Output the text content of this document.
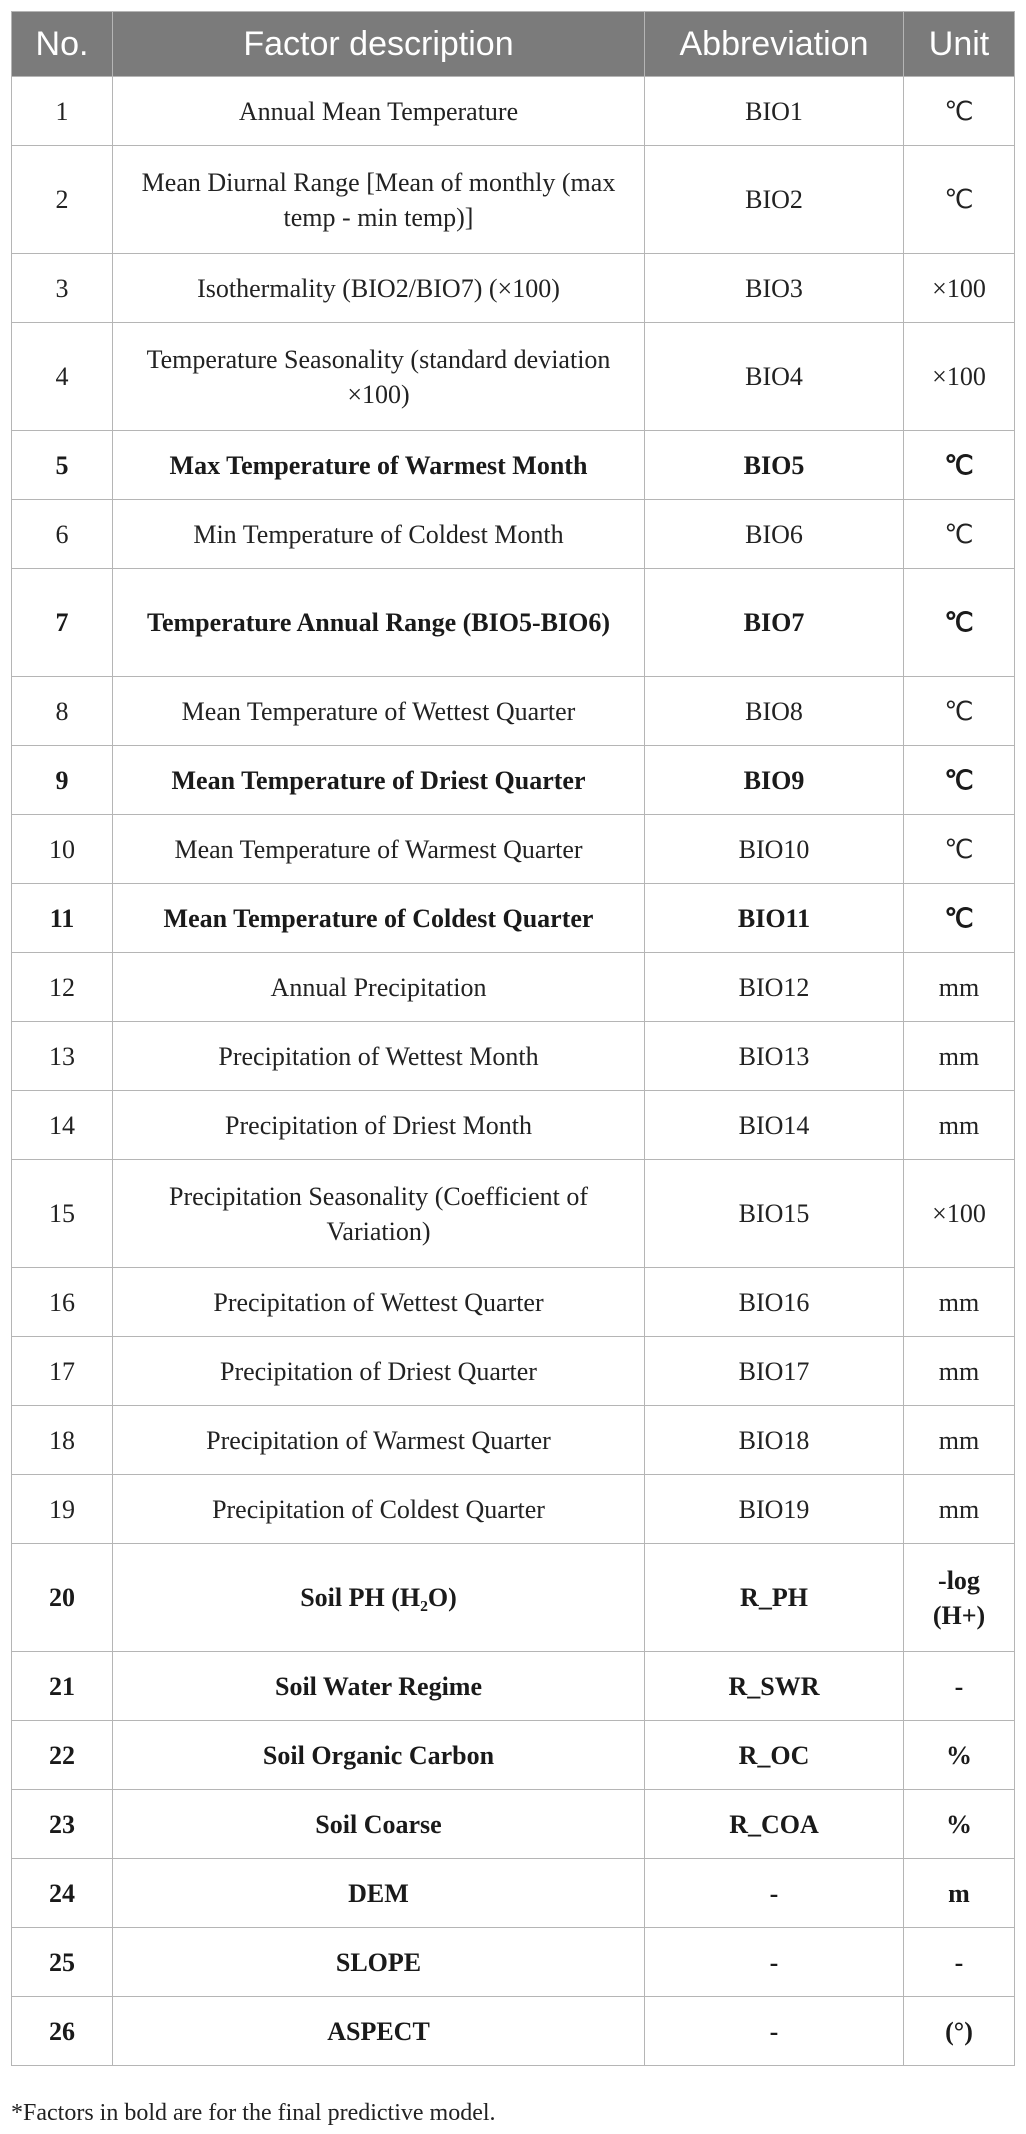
No.	Factor description	Abbreviation	Unit
1	Annual Mean Temperature	BIO1	℃
2	Mean Diurnal Range [Mean of monthly (max temp - min temp)]	BIO2	℃
3	Isothermality (BIO2/BIO7) (×100)	BIO3	×100
4	Temperature Seasonality (standard deviation ×100)	BIO4	×100
5	Max Temperature of Warmest Month	BIO5	℃
6	Min Temperature of Coldest Month	BIO6	℃
7	Temperature Annual Range (BIO5-BIO6)	BIO7	℃
8	Mean Temperature of Wettest Quarter	BIO8	℃
9	Mean Temperature of Driest Quarter	BIO9	℃
10	Mean Temperature of Warmest Quarter	BIO10	℃
11	Mean Temperature of Coldest Quarter	BIO11	℃
12	Annual Precipitation	BIO12	mm
13	Precipitation of Wettest Month	BIO13	mm
14	Precipitation of Driest Month	BIO14	mm
15	Precipitation Seasonality (Coefficient of Variation)	BIO15	×100
16	Precipitation of Wettest Quarter	BIO16	mm
17	Precipitation of Driest Quarter	BIO17	mm
18	Precipitation of Warmest Quarter	BIO18	mm
19	Precipitation of Coldest Quarter	BIO19	mm
20	Soil PH (H₂O)	R_PH	-log (H+)
21	Soil Water Regime	R_SWR	-
22	Soil Organic Carbon	R_OC	%
23	Soil Coarse	R_COA	%
24	DEM	-	m
25	SLOPE	-	-
26	ASPECT	-	(°)
*Factors in bold are for the final predictive model.
